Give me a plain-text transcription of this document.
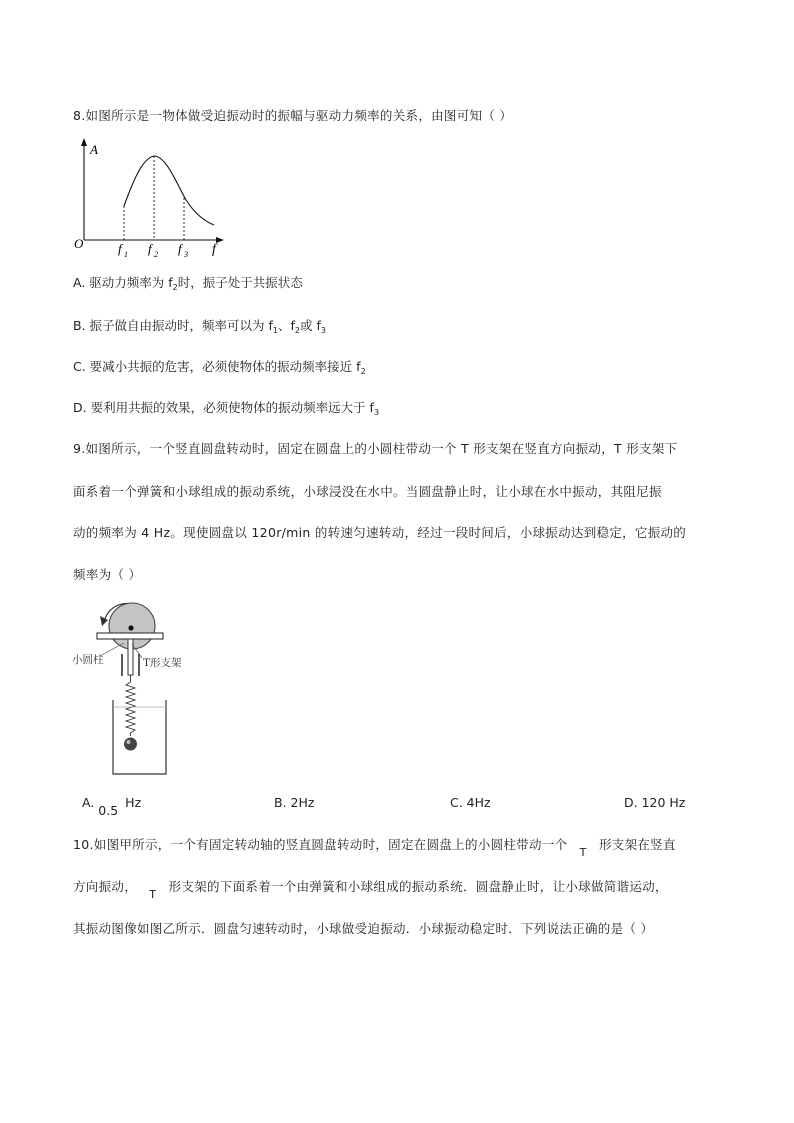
8.如图所示是一物体做受迫振动时的振幅与驱动力频率的关系，由图可知（ ）
A
O	f
f 1 f 2 f 3
A. 驱动力频率为 $f_2$时，振子处于共振状态
B. 振子做自由振动时，频率可以为 $f_1$、$f_2$或 $f_3$
C. 要减小共振的危害，必须使物体的振动频率接近 $f_2$
D. 要利用共振的效果，必须使物体的振动频率远大于 $f_3$
9.如图所示，一个竖直圆盘转动时，固定在圆盘上的小圆柱带动一个 T 形支架在竖直方向振动，T 形支架下
面系着一个弹簧和小球组成的振动系统，小球浸没在水中。当圆盘静止时，让小球在水中振动，其阻尼振
动的频率为 4 Hz。现使圆盘以 120r/min 的转速匀速转动，经过一段时间后，小球振动达到稳定，它振动的
频率为（ ）
小圆柱	T形支架
A. 0.5 Hz	B. 2Hz	C. 4Hz	D. 120 Hz
10.如图甲所示，一个有固定转动轴的竖直圆盘转动时，固定在圆盘上的小圆柱带动一个 T 形支架在竖直
方向振动， T 形支架的下面系着一个由弹簧和小球组成的振动系统．圆盘静止时，让小球做简谐运动，
其振动图像如图乙所示．圆盘匀速转动时，小球做受迫振动．小球振动稳定时．下列说法正确的是（ ）
